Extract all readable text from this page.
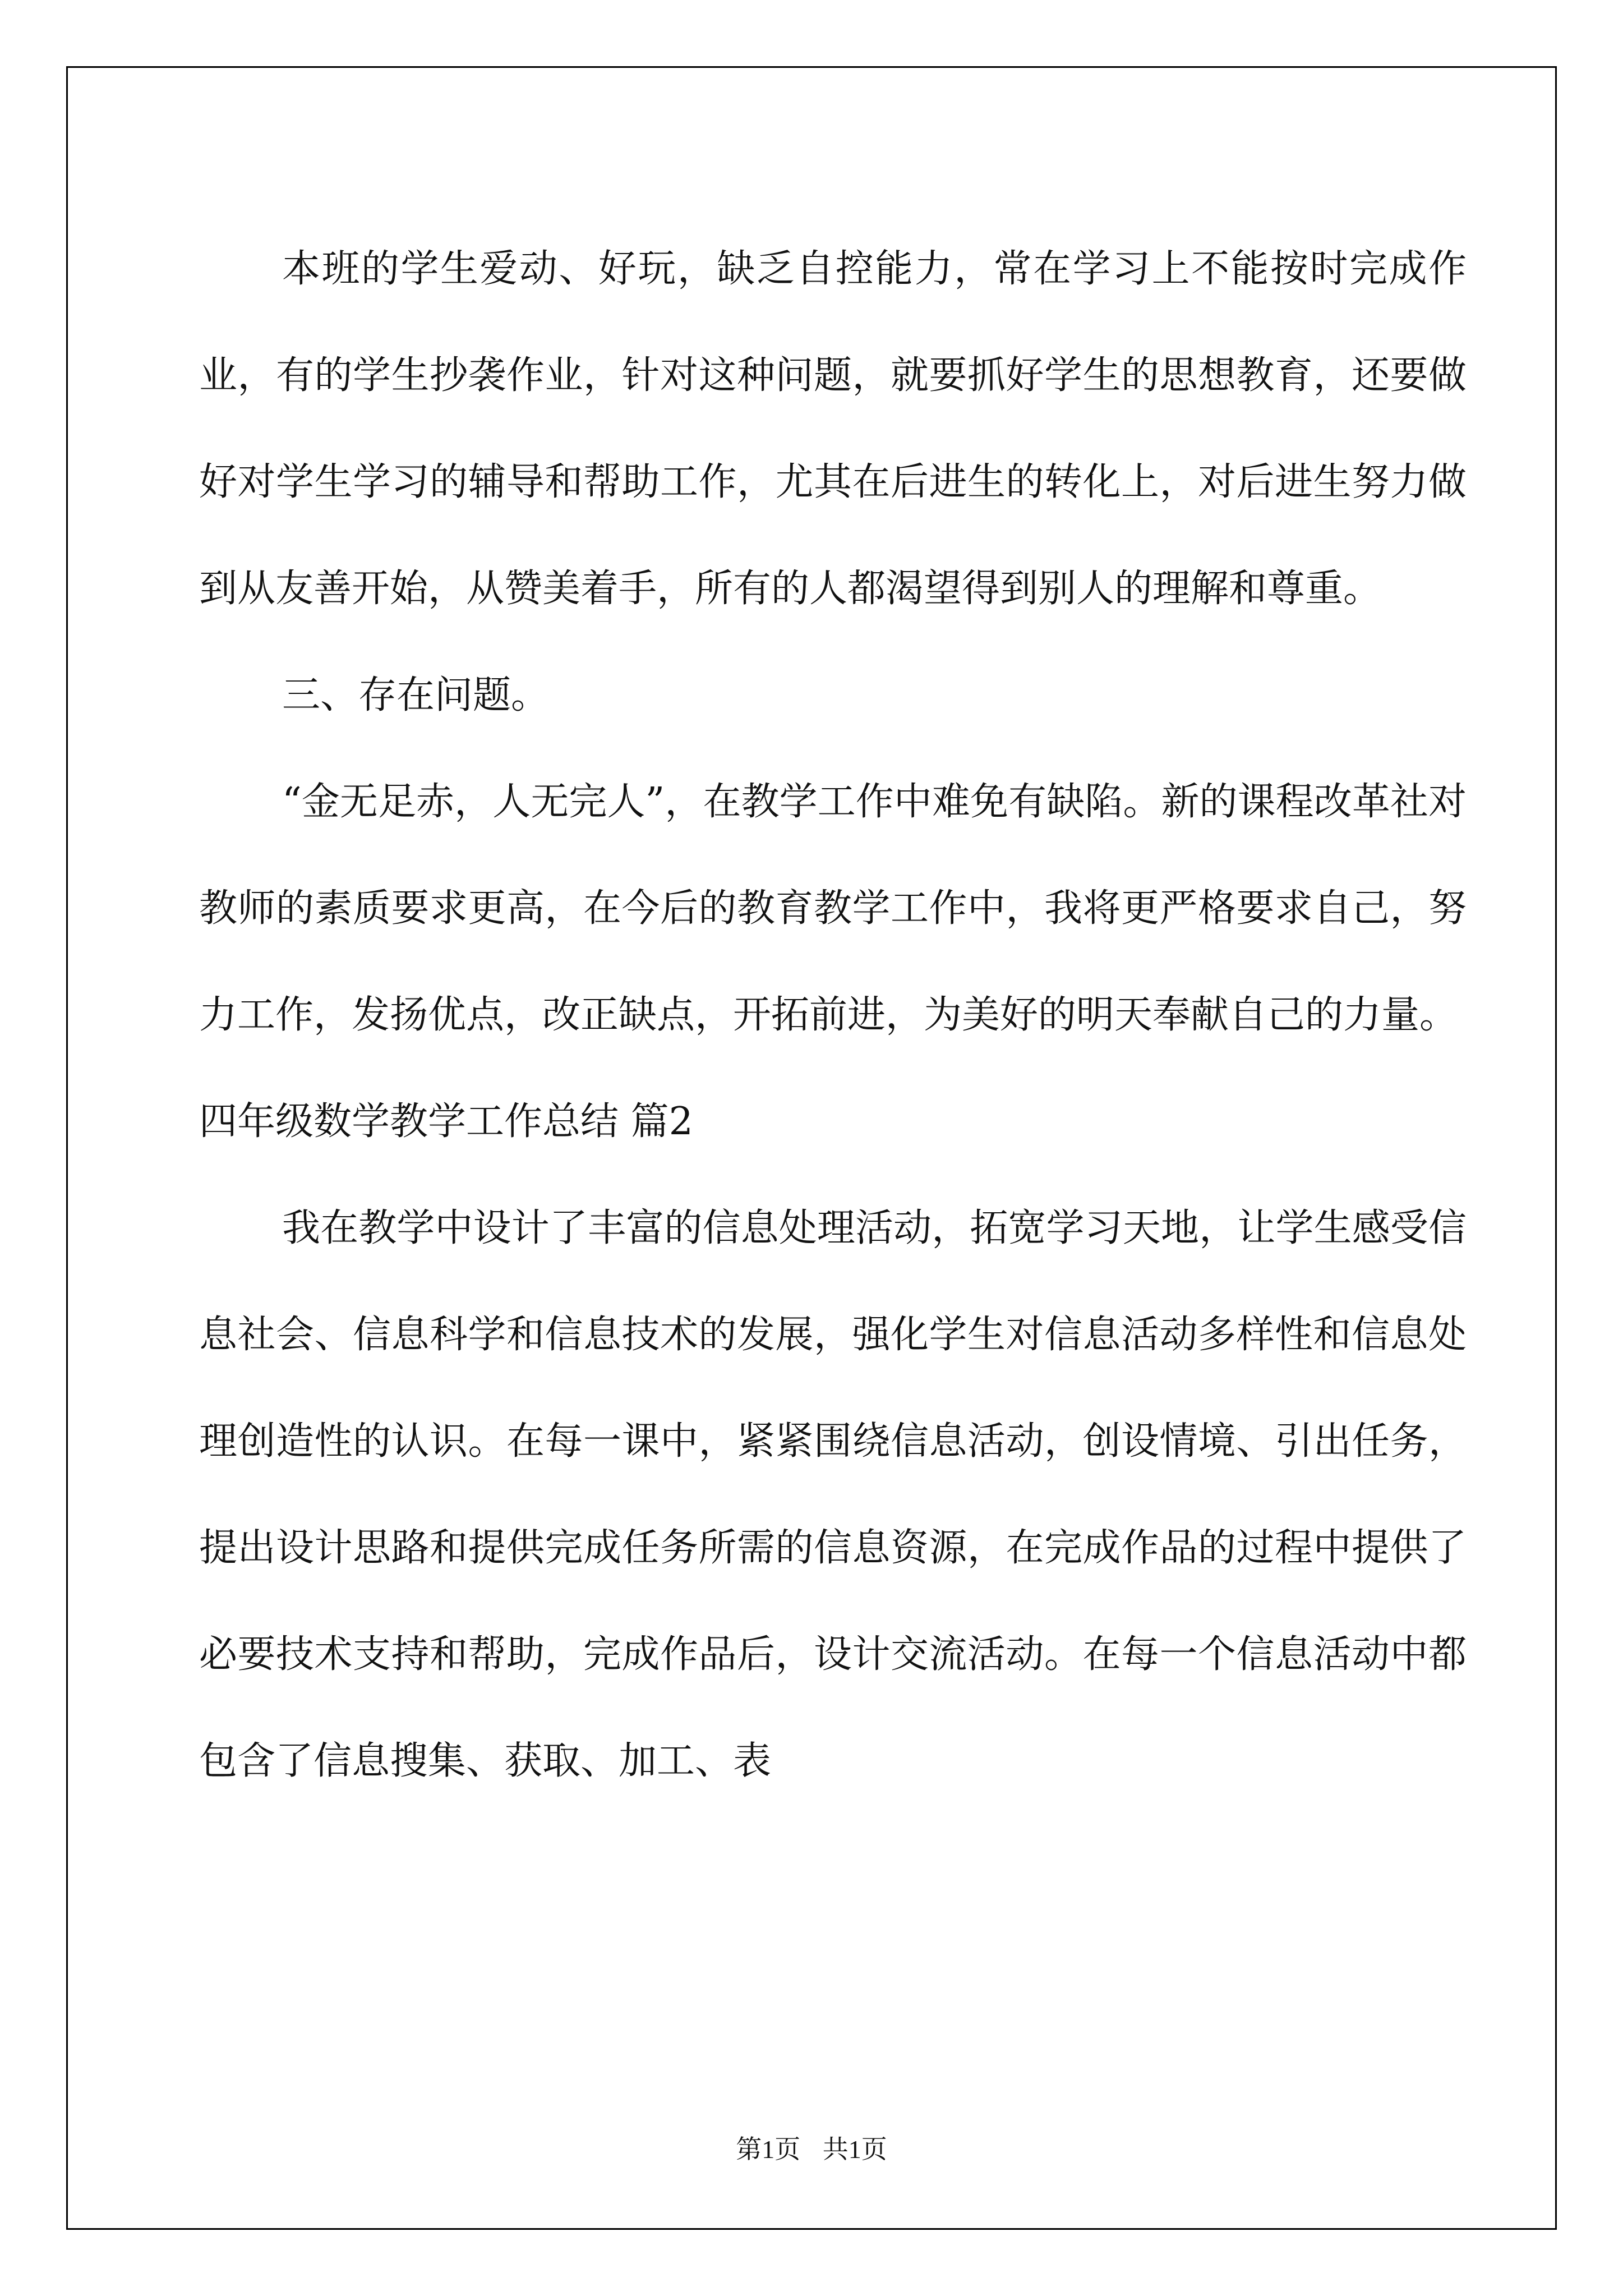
本班的学生爱动、好玩，缺乏自控能力，常在学习上不能按时完成作业，有的学生抄袭作业，针对这种问题，就要抓好学生的思想教育，还要做好对学生学习的辅导和帮助工作，尤其在后进生的转化上，对后进生努力做到从友善开始，从赞美着手，所有的人都渴望得到别人的理解和尊重。

三、存在问题。

“金无足赤，人无完人”，在教学工作中难免有缺陷。新的课程改革社对教师的素质要求更高，在今后的教育教学工作中，我将更严格要求自己，努力工作，发扬优点，改正缺点，开拓前进，为美好的明天奉献自己的力量。

四年级数学教学工作总结 篇2

我在教学中设计了丰富的信息处理活动，拓宽学习天地，让学生感受信息社会、信息科学和信息技术的发展，强化学生对信息活动多样性和信息处理创造性的认识。在每一课中，紧紧围绕信息活动，创设情境、引出任务，提出设计思路和提供完成任务所需的信息资源，在完成作品的过程中提供了必要技术支持和帮助，完成作品后，设计交流活动。在每一个信息活动中都包含了信息搜集、获取、加工、表

第1页 共1页
